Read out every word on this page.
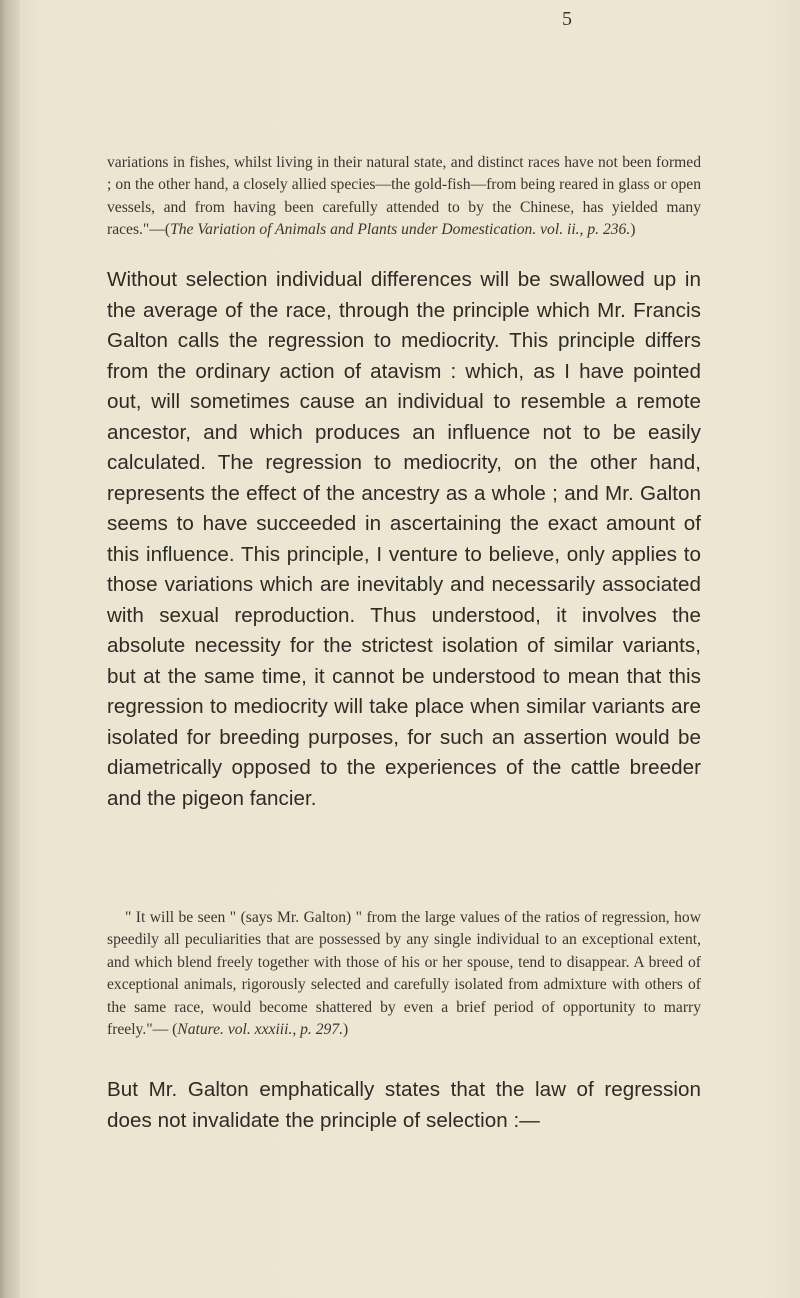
5
variations in fishes, whilst living in their natural state, and distinct races have not been formed ; on the other hand, a closely allied species—the gold-fish—from being reared in glass or open vessels, and from having been carefully attended to by the Chinese, has yielded many races."—(The Variation of Animals and Plants under Domestication. vol. ii., p. 236.)
Without selection individual differences will be swallowed up in the average of the race, through the principle which Mr. Francis Galton calls the regression to mediocrity. This principle differs from the ordinary action of atavism : which, as I have pointed out, will sometimes cause an individual to resemble a remote ancestor, and which produces an influence not to be easily calculated. The regression to mediocrity, on the other hand, represents the effect of the ancestry as a whole ; and Mr. Galton seems to have succeeded in ascertaining the exact amount of this influence. This principle, I venture to believe, only applies to those variations which are inevitably and necessarily associated with sexual reproduction. Thus understood, it involves the absolute necessity for the strictest isolation of similar variants, but at the same time, it cannot be understood to mean that this regression to mediocrity will take place when similar variants are isolated for breeding purposes, for such an assertion would be diametrically opposed to the experiences of the cattle breeder and the pigeon fancier.
" It will be seen " (says Mr. Galton) " from the large values of the ratios of regression, how speedily all peculiarities that are possessed by any single individual to an exceptional extent, and which blend freely together with those of his or her spouse, tend to disappear. A breed of exceptional animals, rigorously selected and carefully isolated from admixture with others of the same race, would become shattered by even a brief period of opportunity to marry freely."— (Nature. vol. xxxiii., p. 297.)
But Mr. Galton emphatically states that the law of regression does not invalidate the principle of selection :—
